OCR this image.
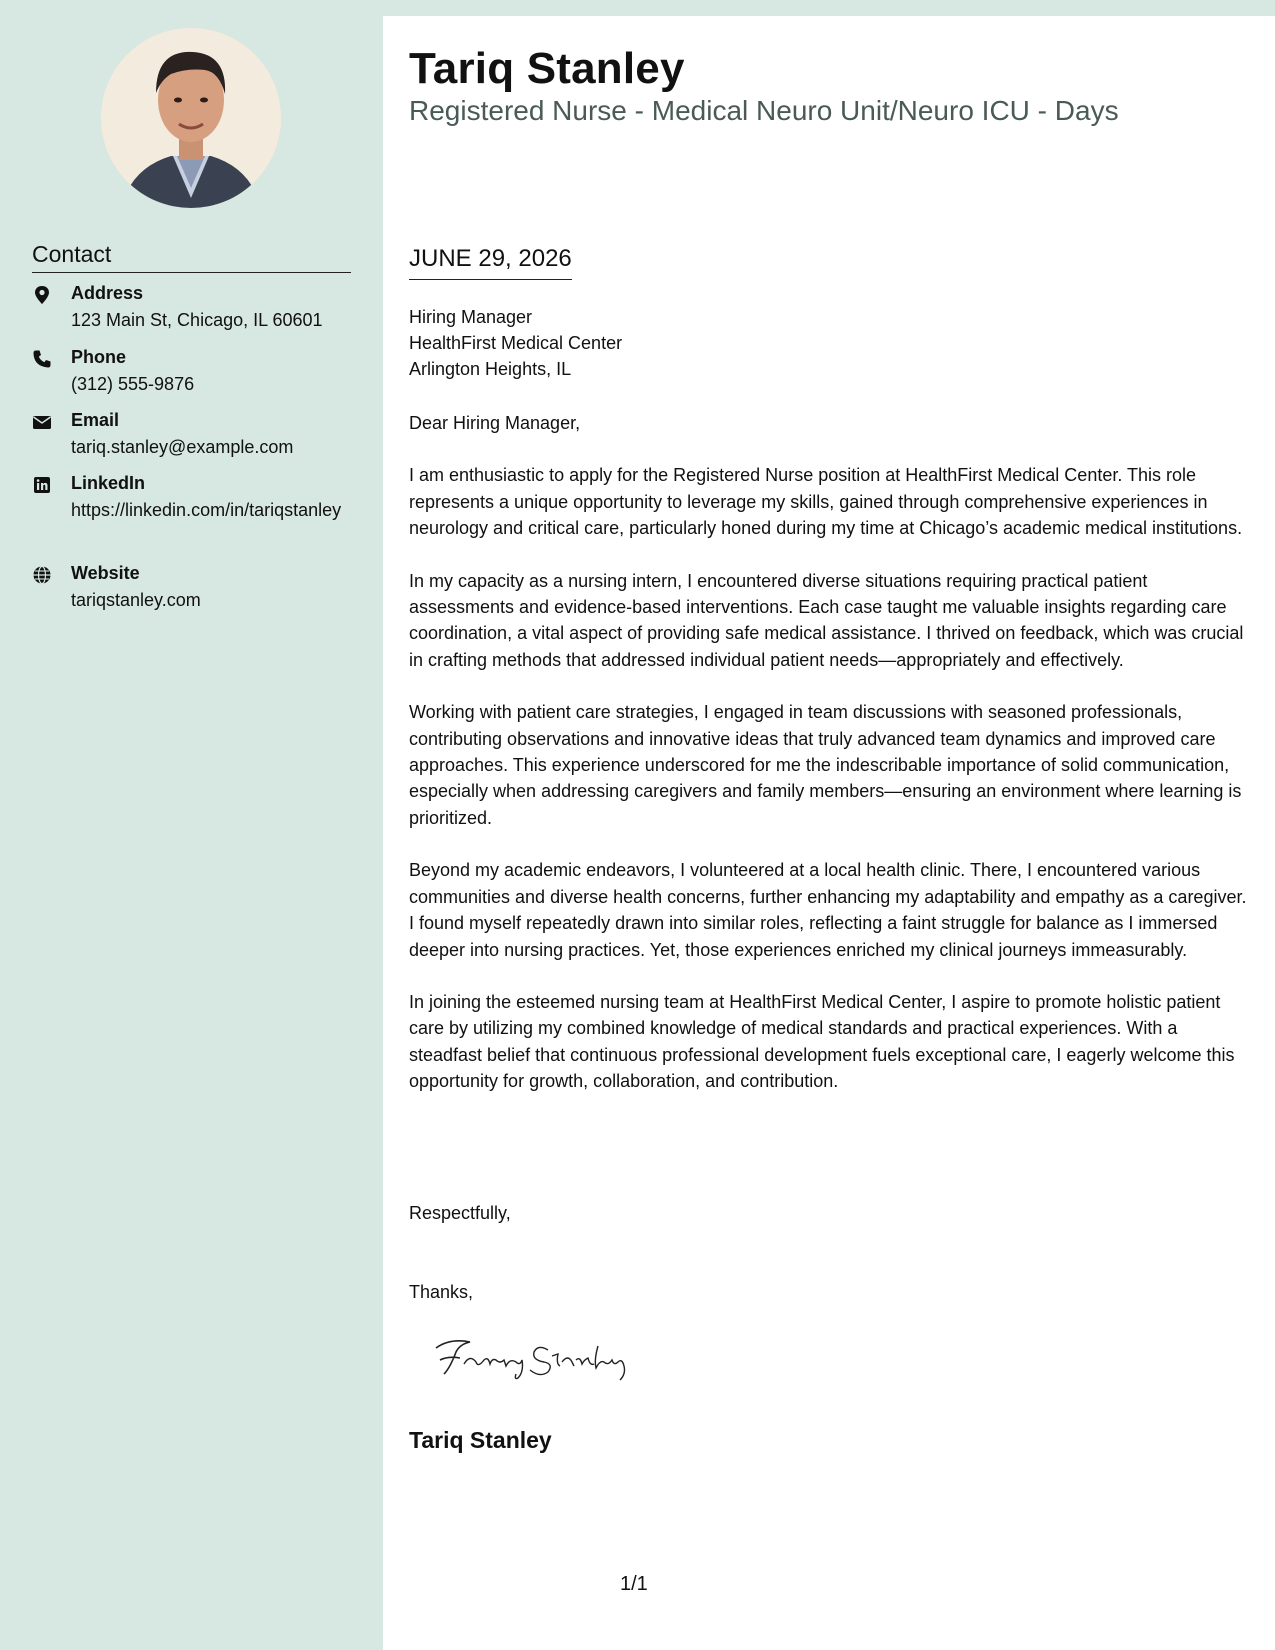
Contact
Address
123 Main St, Chicago, IL 60601
Phone
(312) 555-9876
Email
tariq.stanley@example.com
LinkedIn
https://linkedin.com/in/tariqstanley
Website
tariqstanley.com
Tariq Stanley
Registered Nurse - Medical Neuro Unit/Neuro ICU - Days
JUNE 29, 2026
Hiring Manager
HealthFirst Medical Center
Arlington Heights, IL

Dear Hiring Manager,

I am enthusiastic to apply for the Registered Nurse position at HealthFirst Medical Center. This role represents a unique opportunity to leverage my skills, gained through comprehensive experiences in neurology and critical care, particularly honed during my time at Chicago’s academic medical institutions.

In my capacity as a nursing intern, I encountered diverse situations requiring practical patient assessments and evidence-based interventions. Each case taught me valuable insights regarding care coordination, a vital aspect of providing safe medical assistance. I thrived on feedback, which was crucial in crafting methods that addressed individual patient needs—appropriately and effectively.

Working with patient care strategies, I engaged in team discussions with seasoned professionals, contributing observations and innovative ideas that truly advanced team dynamics and improved care approaches. This experience underscored for me the indescribable importance of solid communication, especially when addressing caregivers and family members—ensuring an environment where learning is prioritized.

Beyond my academic endeavors, I volunteered at a local health clinic. There, I encountered various communities and diverse health concerns, further enhancing my adaptability and empathy as a caregiver. I found myself repeatedly drawn into similar roles, reflecting a faint struggle for balance as I immersed deeper into nursing practices. Yet, those experiences enriched my clinical journeys immeasurably.

In joining the esteemed nursing team at HealthFirst Medical Center, I aspire to promote holistic patient care by utilizing my combined knowledge of medical standards and practical experiences. With a steadfast belief that continuous professional development fuels exceptional care, I eagerly welcome this opportunity for growth, collaboration, and contribution.

Respectfully,
Thanks,
Tariq Stanley
1/1
